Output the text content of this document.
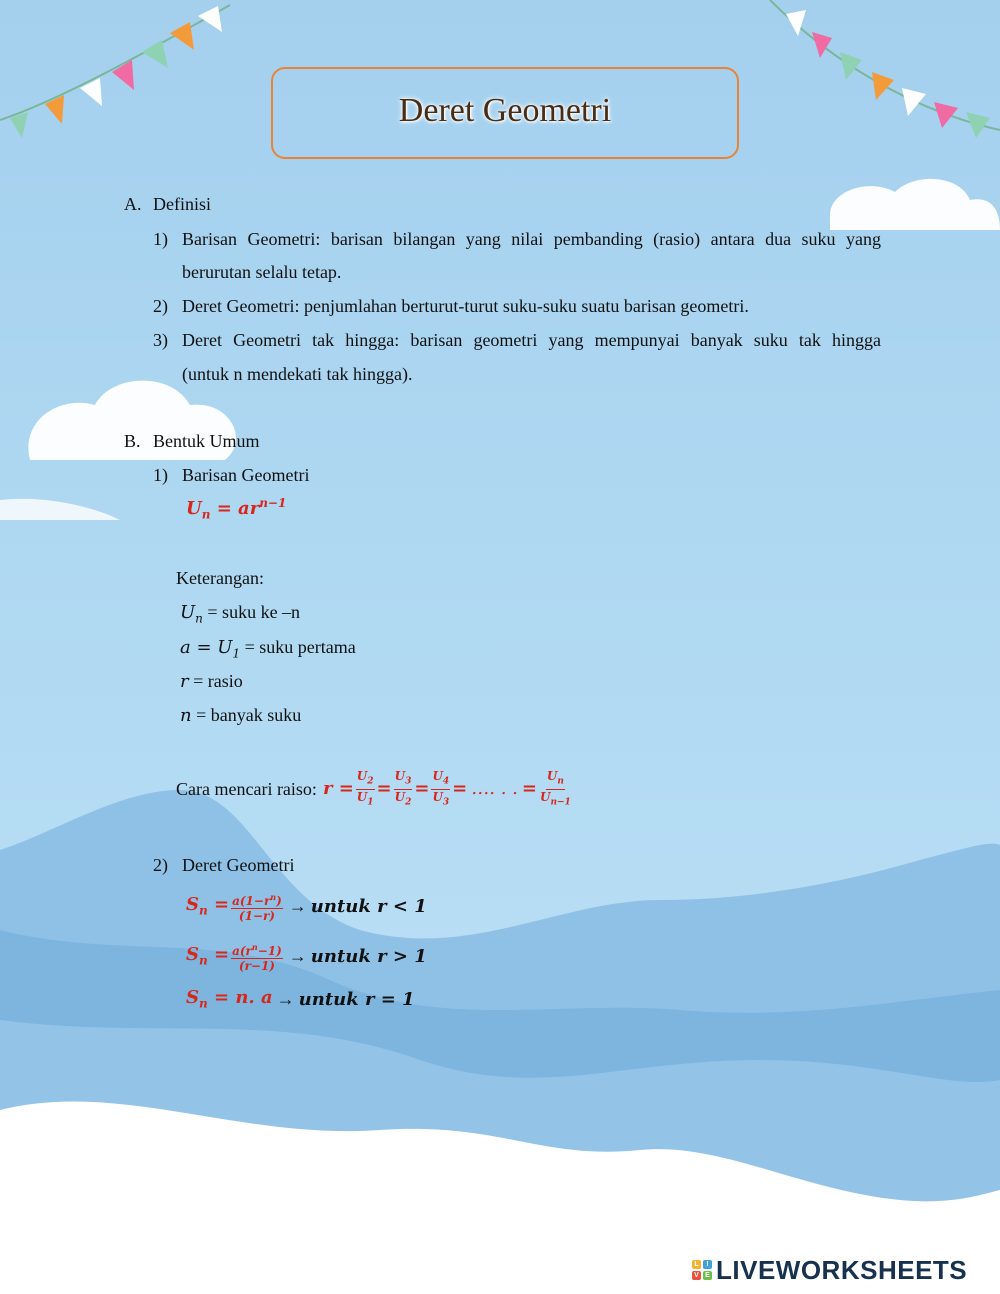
Deret Geometri
A. Definisi
1) Barisan Geometri: barisan bilangan yang nilai pembanding (rasio) antara dua suku yang
berurutan selalu tetap.
2) Deret Geometri: penjumlahan berturut-turut suku-suku suatu barisan geometri.
3) Deret Geometri tak hingga: barisan geometri yang mempunyai banyak suku tak hingga
(untuk n mendekati tak hingga).
B. Bentuk Umum
1) Barisan Geometri
$U_n = ar^{n-1}$
Keterangan:
$U_n$ = suku ke –n
$a = U_1$ = suku pertama
r = rasio
n = banyak suku
Cara mencari raiso: $r = \frac{U_2}{U_1} = \frac{U_3}{U_2} = \frac{U_4}{U_3}$ = …. . . = $\frac{U_n}{U_{n-1}}$
2) Deret Geometri
$S_n = \frac{a(1-r^n)}{(1-r)}$ → untuk r < 1
$S_n = \frac{a(r^n-1)}{(r-1)}$ → untuk r > 1
$S_n = n$. a → untuk r = 1
L	I
V E LIVEWORKSHEETS
